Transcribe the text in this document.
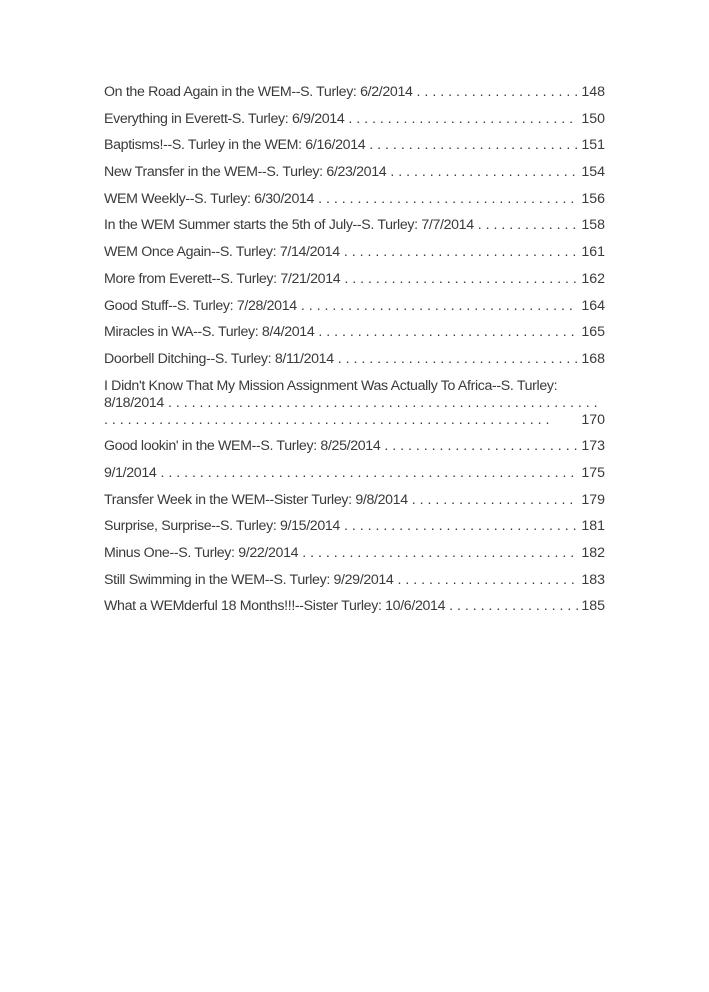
On the Road Again in the WEM--S. Turley: 6/2/2014 . . .	148
Everything in Everett-S. Turley: 6/9/2014 . . .	150
Baptisms!--S. Turley in the WEM: 6/16/2014 . . .	151
New Transfer in the WEM--S. Turley: 6/23/2014 . . .	154
WEM Weekly--S. Turley: 6/30/2014 . . .	156
In the WEM Summer starts the 5th of July--S. Turley: 7/7/2014 . . .	158
WEM Once Again--S. Turley: 7/14/2014 . . .	161
More from Everett--S. Turley: 7/21/2014 . . .	162
Good Stuff--S. Turley: 7/28/2014 . . .	164
Miracles in WA--S. Turley: 8/4/2014 . . .	165
Doorbell Ditching--S. Turley: 8/11/2014 . . .	168
I Didn't Know That My Mission Assignment Was Actually To Africa--S. Turley: 8/18/2014 . . .
170
Good lookin' in the WEM--S. Turley: 8/25/2014 . . .	173
9/1/2014 . . .	175
Transfer Week in the WEM--Sister Turley: 9/8/2014 . . .	179
Surprise, Surprise--S. Turley: 9/15/2014 . . .	181
Minus One--S. Turley: 9/22/2014 . . .	182
Still Swimming in the WEM--S. Turley: 9/29/2014 . . .	183
What a WEMderful 18 Months!!!--Sister Turley: 10/6/2014 . . .	185
